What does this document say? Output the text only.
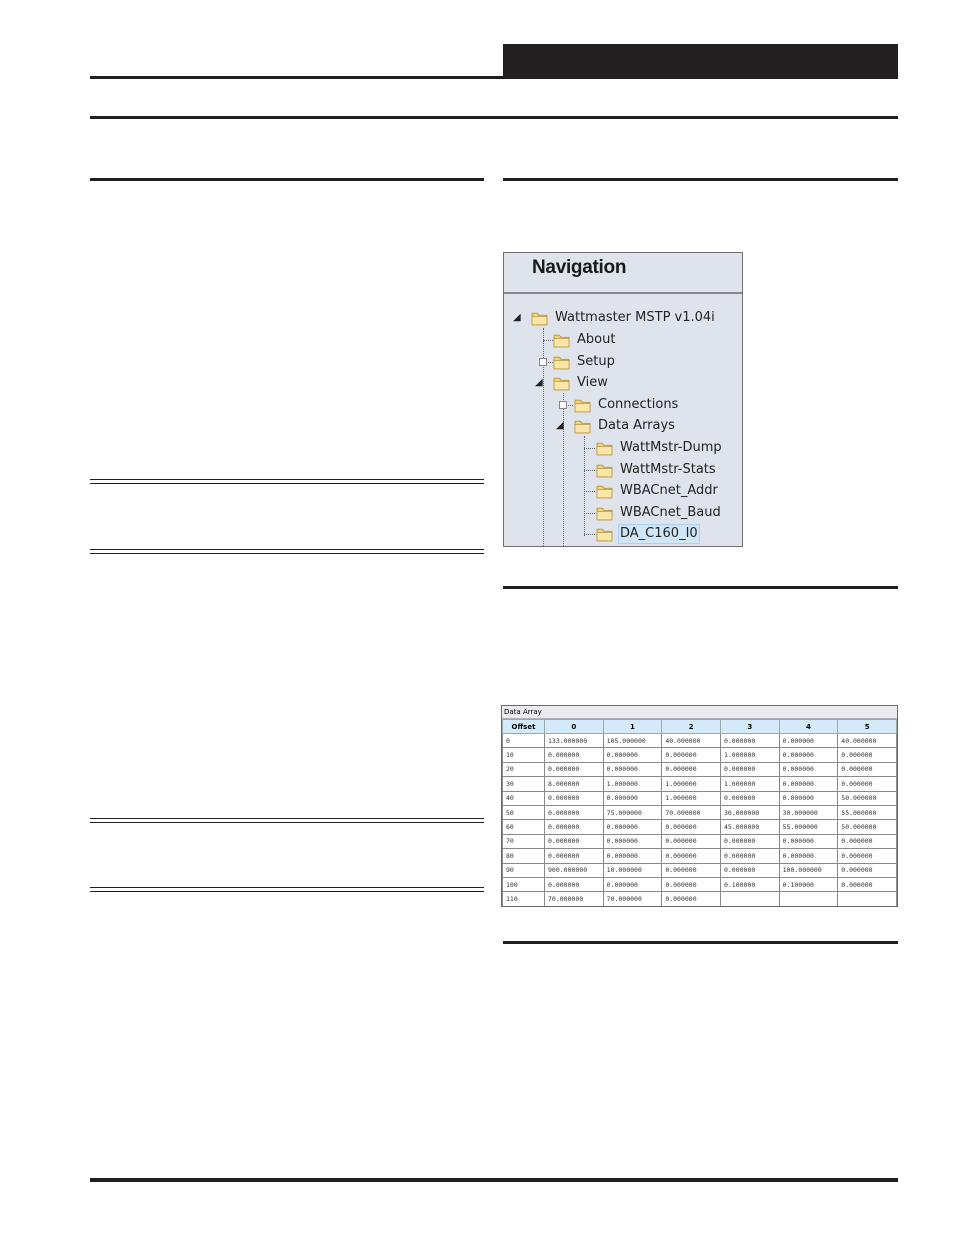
Navigation
◢
◢
◢
Wattmaster MSTP v1.04i
About
Setup
View
Connections
Data Arrays
WattMstr-Dump
WattMstr-Stats
WBACnet_Addr
WBACnet_Baud
DA_C160_I0
Data Array
Offset	0	1	2	3	4	5
0	133.000000	105.000000	40.000000	0.000000	0.000000	40.000000
10	0.000000	0.000000	0.000000	1.000000	0.000000	0.000000
20	0.000000	0.000000	0.000000	0.000000	0.000000	0.000000
30	8.000000	1.000000	1.000000	1.000000	0.000000	0.000000
40	0.000000	0.000000	1.000000	0.000000	0.000000	50.000000
50	0.000000	75.000000	70.000000	30.000000	30.000000	55.000000
60	0.000000	0.000000	0.000000	45.000000	55.000000	50.000000
70	0.000000	0.000000	0.000000	0.000000	0.000000	0.000000
80	0.000000	0.000000	0.000000	0.000000	0.000000	0.000000
90	900.000000	10.000000	0.000000	0.000000	100.000000	0.000000
100	0.000000	0.000000	0.000000	0.100000	0.100000	0.000000
110	70.000000	70.000000	0.000000			
